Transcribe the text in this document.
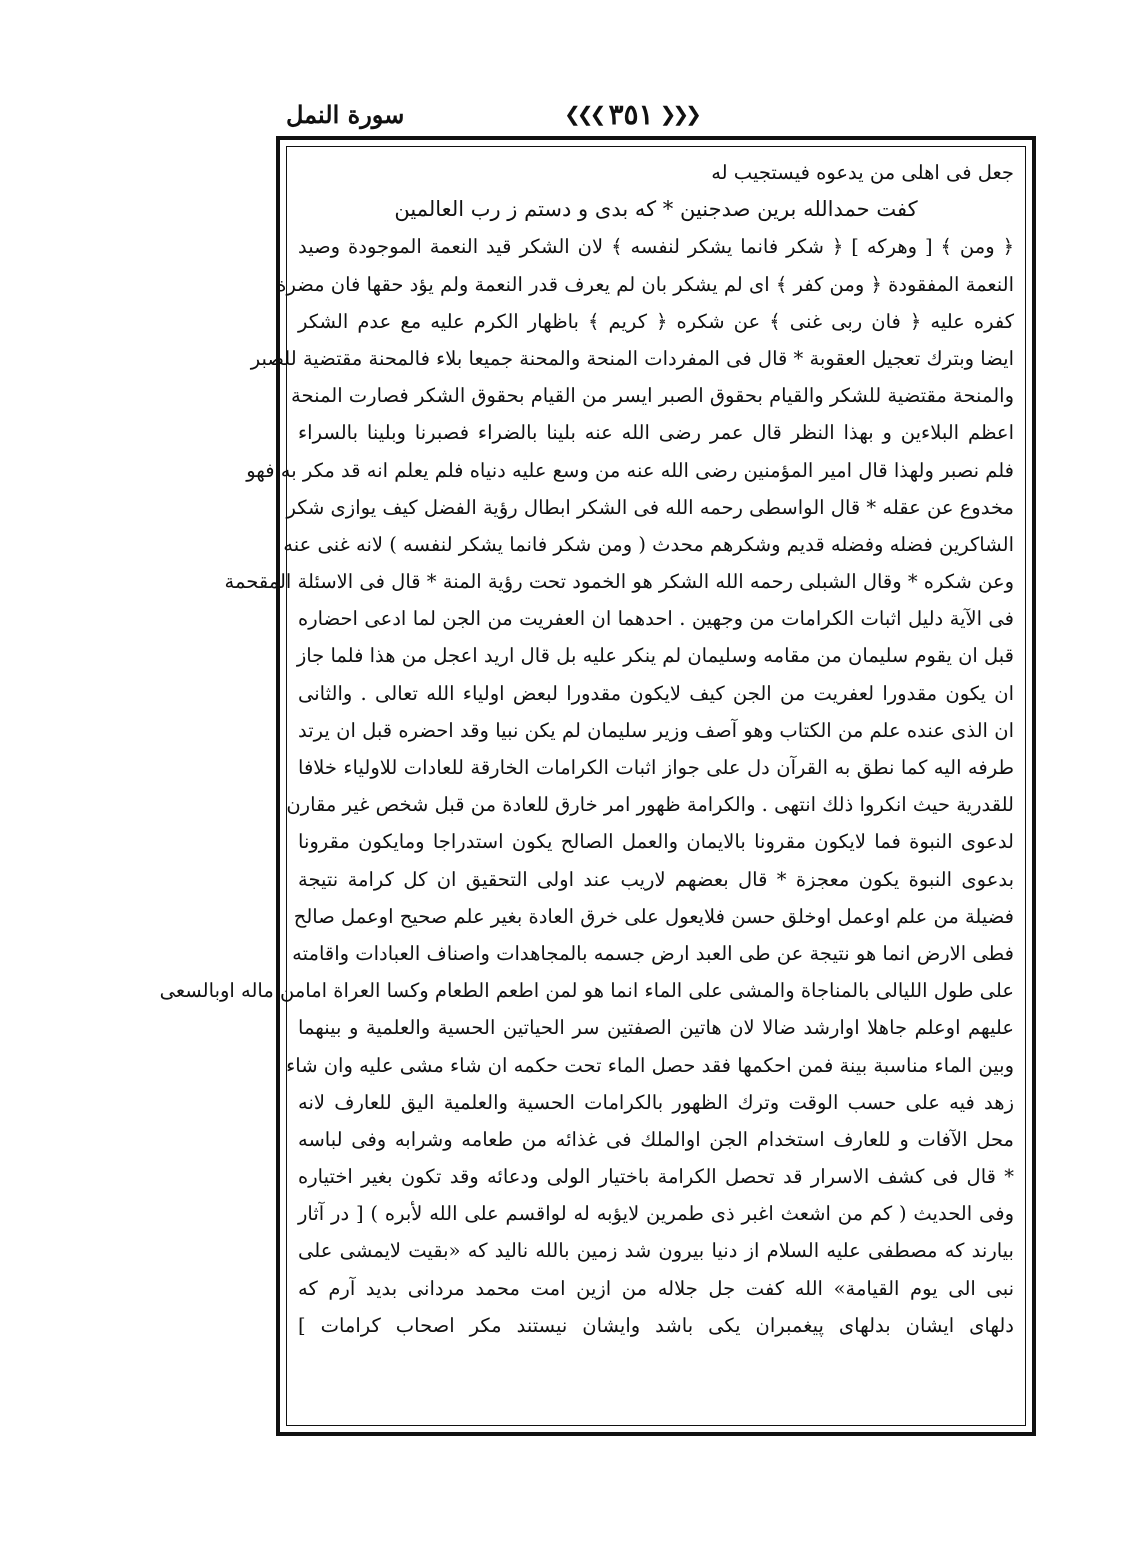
سورة النمل	❮❮❮ ٣٥١ ❯❯❯
جعل فى اهلى من يدعوه فيستجيب له
كفت حمدالله برين صدجنين * كه بدى و دستم ز رب العالمين
﴿ ومن ﴾ [ وهركه ] ﴿ شكر فانما يشكر لنفسه ﴾ لان الشكر قيد النعمة الموجودة وصيد
النعمة المفقودة ﴿ ومن كفر ﴾ اى لم يشكر بان لم يعرف قدر النعمة ولم يؤد حقها فان مضرة
كفره عليه ﴿ فان ربى غنى ﴾ عن شكره ﴿ كريم ﴾ باظهار الكرم عليه مع عدم الشكر
ايضا وبترك تعجيل العقوبة * قال فى المفردات المنحة والمحنة جميعا بلاء فالمحنة مقتضية للصبر
والمنحة مقتضية للشكر والقيام بحقوق الصبر ايسر من القيام بحقوق الشكر فصارت المنحة
اعظم البلاءين و بهذا النظر قال عمر رضى الله عنه بلينا بالضراء فصبرنا وبلينا بالسراء
فلم نصبر ولهذا قال امير المؤمنين رضى الله عنه من وسع عليه دنياه فلم يعلم انه قد مكر به فهو
مخدوع عن عقله * قال الواسطى رحمه الله فى الشكر ابطال رؤية الفضل كيف يوازى شكر
الشاكرين فضله وفضله قديم وشكرهم محدث ( ومن شكر فانما يشكر لنفسه ) لانه غنى عنه
وعن شكره * وقال الشبلى رحمه الله الشكر هو الخمود تحت رؤية المنة * قال فى الاسئلة المقحمة
فى الآية دليل اثبات الكرامات من وجهين . احدهما ان العفريت من الجن لما ادعى احضاره
قبل ان يقوم سليمان من مقامه وسليمان لم ينكر عليه بل قال اريد اعجل من هذا فلما جاز
ان يكون مقدورا لعفريت من الجن كيف لايكون مقدورا لبعض اولياء الله تعالى . والثانى
ان الذى عنده علم من الكتاب وهو آصف وزير سليمان لم يكن نبيا وقد احضره قبل ان يرتد
طرفه اليه كما نطق به القرآن دل على جواز اثبات الكرامات الخارقة للعادات للاولياء خلافا
للقدرية حيث انكروا ذلك انتهى . والكرامة ظهور امر خارق للعادة من قبل شخص غير مقارن
لدعوى النبوة فما لايكون مقرونا بالايمان والعمل الصالح يكون استدراجا ومايكون مقرونا
بدعوى النبوة يكون معجزة * قال بعضهم لاريب عند اولى التحقيق ان كل كرامة نتيجة
فضيلة من علم اوعمل اوخلق حسن فلايعول على خرق العادة بغير علم صحيح اوعمل صالح
فطى الارض انما هو نتيجة عن طى العبد ارض جسمه بالمجاهدات واصناف العبادات واقامته
على طول الليالى بالمناجاة والمشى على الماء انما هو لمن اطعم الطعام وكسا العراة امامن ماله اوبالسعى
عليهم اوعلم جاهلا اوارشد ضالا لان هاتين الصفتين سر الحياتين الحسية والعلمية و بينهما
وبين الماء مناسبة بينة فمن احكمها فقد حصل الماء تحت حكمه ان شاء مشى عليه وان شاء
زهد فيه على حسب الوقت وترك الظهور بالكرامات الحسية والعلمية اليق للعارف لانه
محل الآفات و للعارف استخدام الجن اوالملك فى غذائه من طعامه وشرابه وفى لباسه
* قال فى كشف الاسرار قد تحصل الكرامة باختيار الولى ودعائه وقد تكون بغير اختياره
وفى الحديث ( كم من اشعث اغبر ذى طمرين لايؤبه له لواقسم على الله لأبره ) [ در آثار
بيارند كه مصطفى عليه السلام از دنيا بيرون شد زمين بالله ناليد كه «بقيت لايمشى على
نبى الى يوم القيامة» الله كفت جل جلاله من ازين امت محمد مردانى بديد آرم كه
دلهاى ايشان بدلهاى پيغمبران يكى باشد وايشان نيستند مكر اصحاب كرامات ]
